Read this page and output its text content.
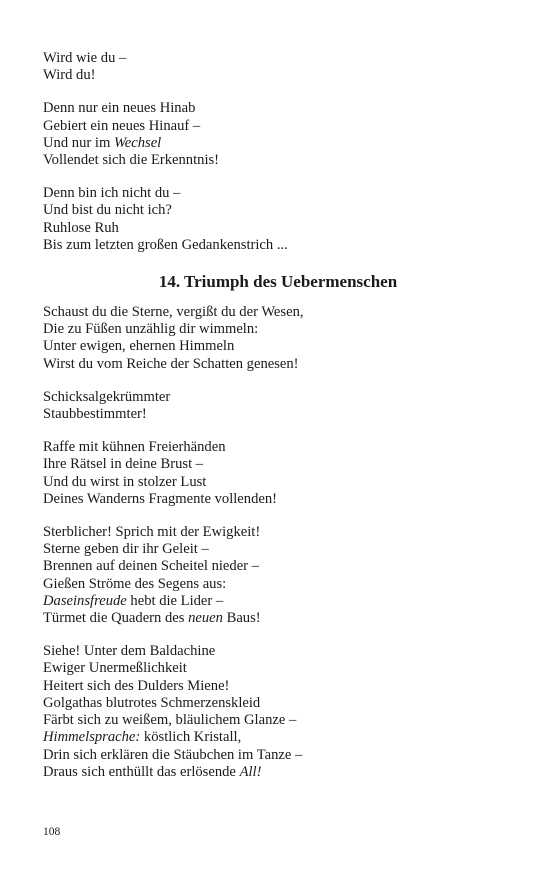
Wird wie du –
Wird du!
Denn nur ein neues Hinab
Gebiert ein neues Hinauf –
Und nur im Wechsel
Vollendet sich die Erkenntnis!
Denn bin ich nicht du –
Und bist du nicht ich?
Ruhlose Ruh
Bis zum letzten großen Gedankenstrich ...
14. Triumph des Uebermenschen
Schaust du die Sterne, vergißt du der Wesen,
Die zu Füßen unzählig dir wimmeln:
Unter ewigen, ehernen Himmeln
Wirst du vom Reiche der Schatten genesen!
Schicksalgekrümmter
Staubbestimmter!
Raffe mit kühnen Freierhänden
Ihre Rätsel in deine Brust –
Und du wirst in stolzer Lust
Deines Wanderns Fragmente vollenden!
Sterblicher! Sprich mit der Ewigkeit!
Sterne geben dir ihr Geleit –
Brennen auf deinen Scheitel nieder –
Gießen Ströme des Segens aus:
Daseinsfreude hebt die Lider –
Türmet die Quadern des neuen Baus!
Siehe! Unter dem Baldachine
Ewiger Unermeßlichkeit
Heitert sich des Dulders Miene!
Golgathas blutrotes Schmerzenskleid
Färbt sich zu weißem, bläulichem Glanze –
Himmelsprache: köstlich Kristall,
Drin sich erklären die Stäubchen im Tanze –
Draus sich enthüllt das erlösende All!
108
